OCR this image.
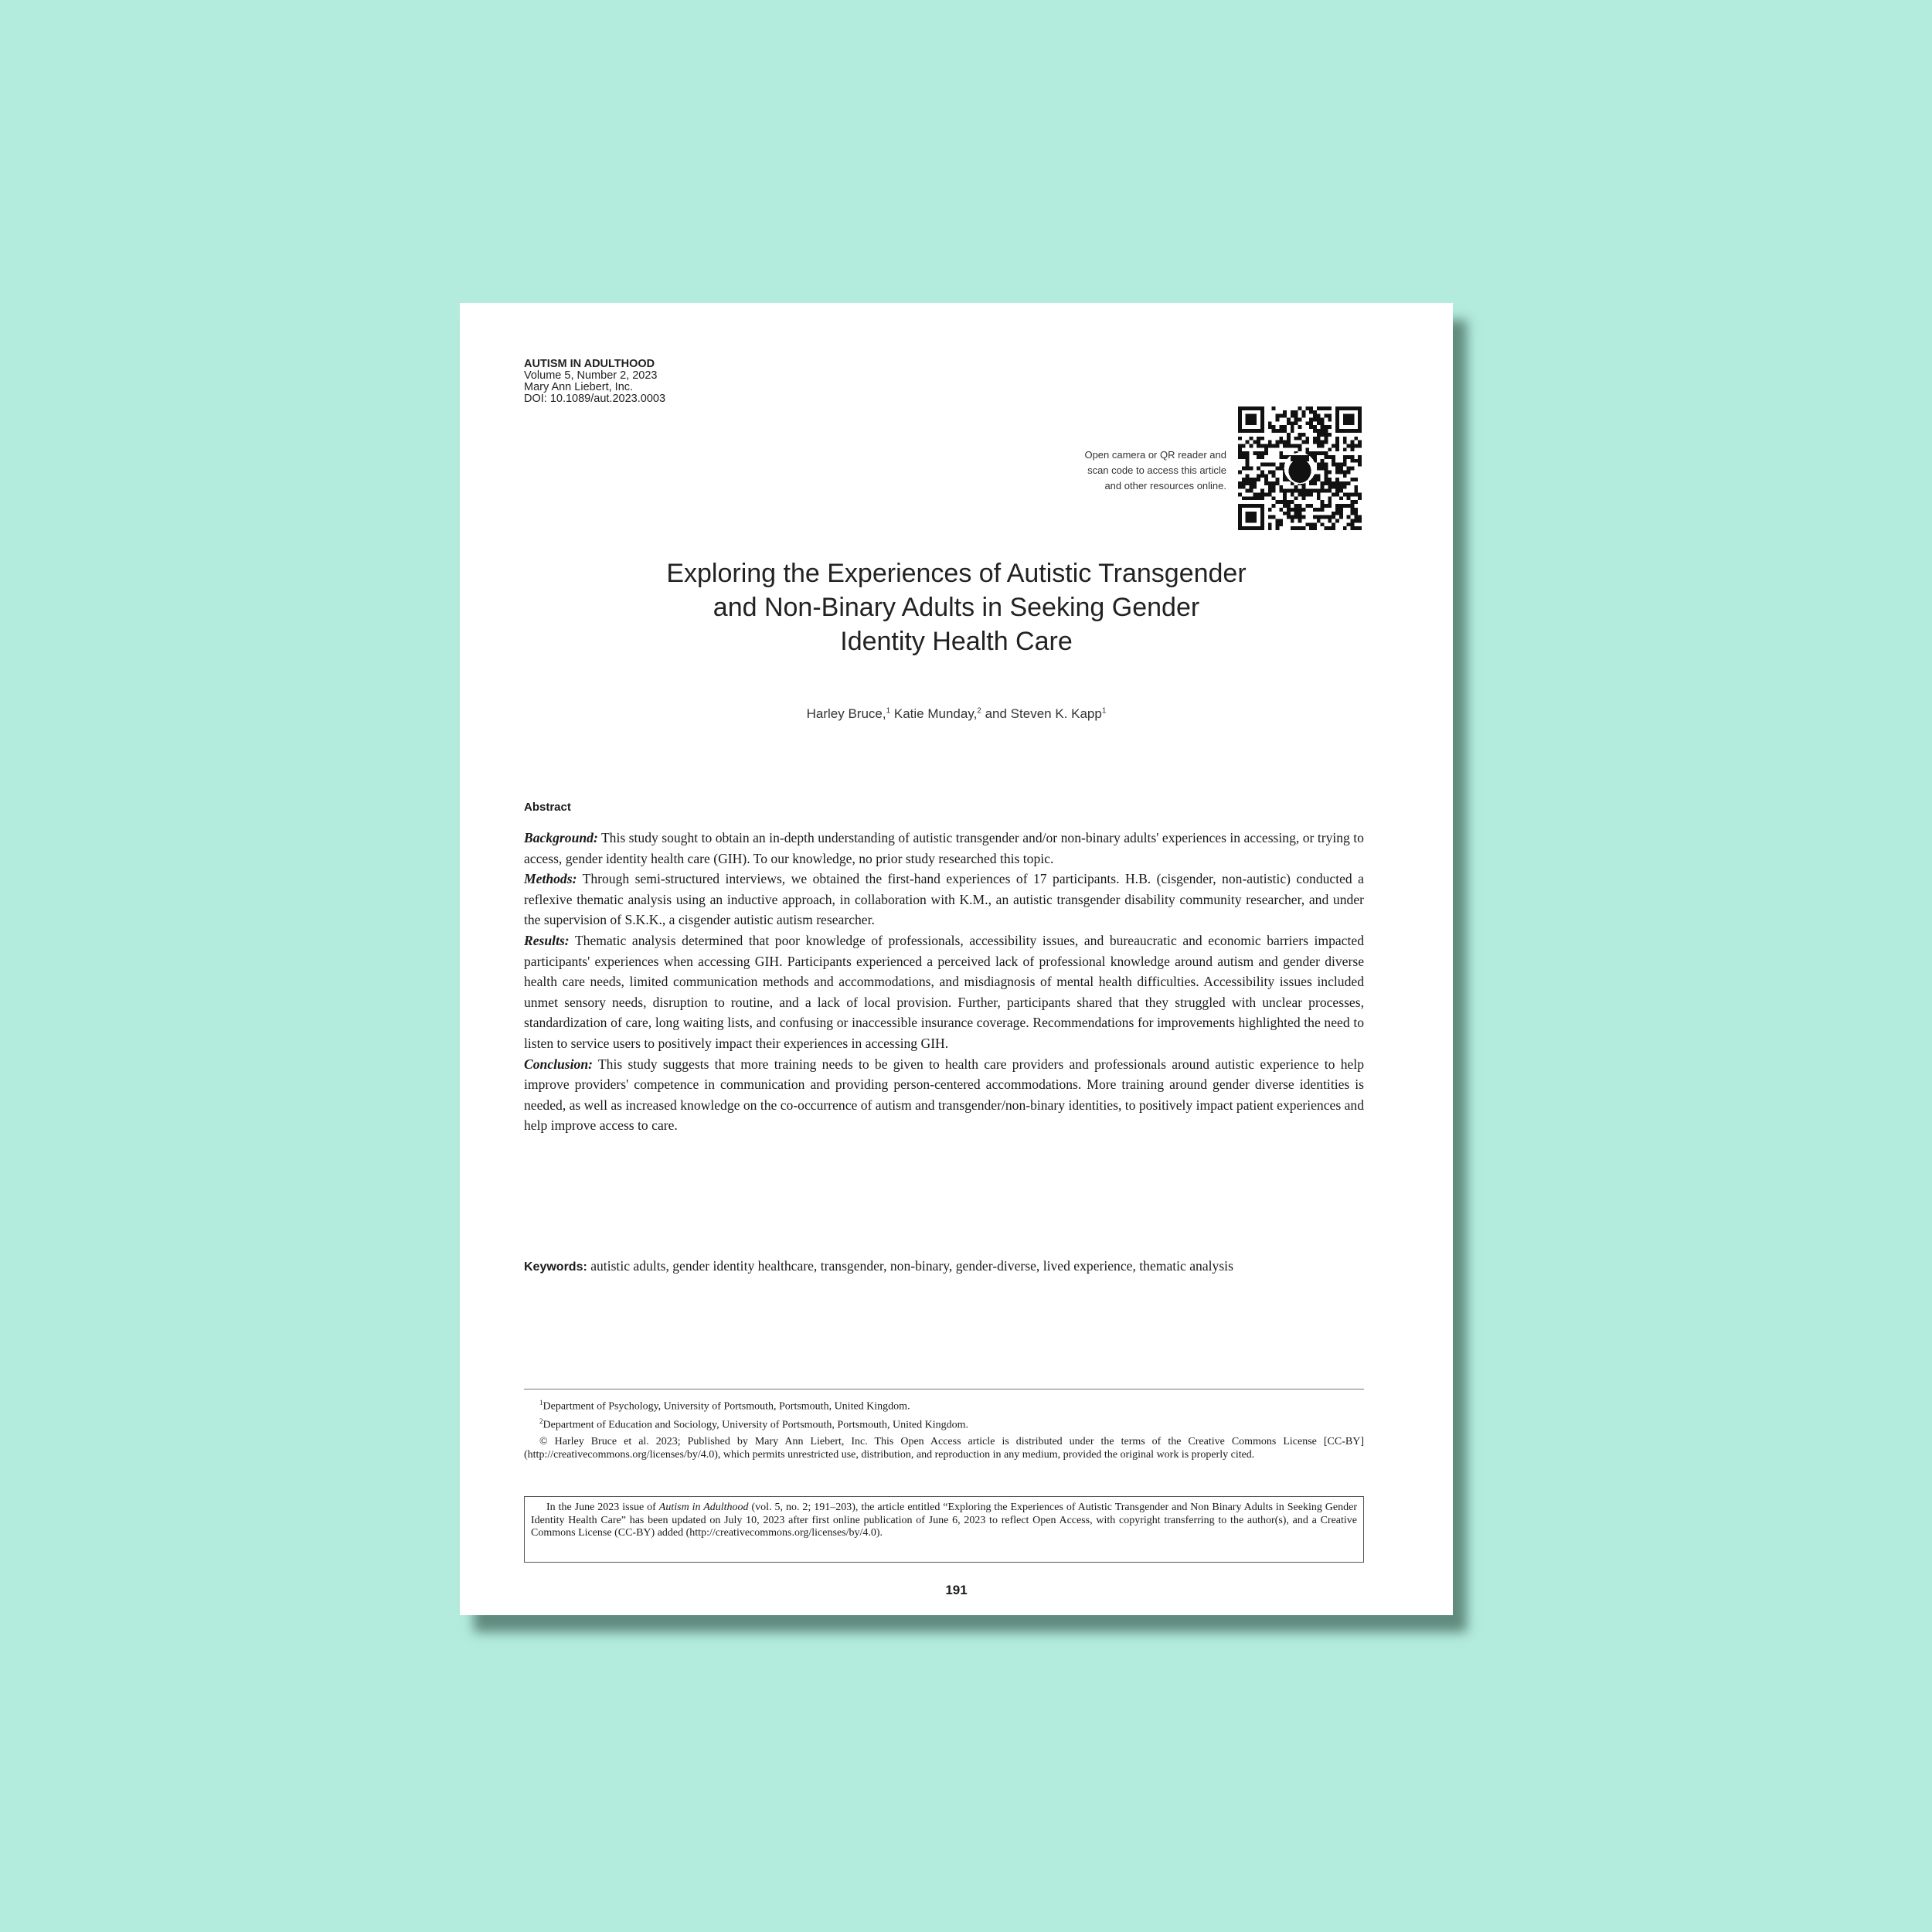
AUTISM IN ADULTHOOD
Volume 5, Number 2, 2023
Mary Ann Liebert, Inc.
DOI: 10.1089/aut.2023.0003
Open camera or QR reader and
scan code to access this article
and other resources online.
Exploring the Experiences of Autistic Transgender
and Non-Binary Adults in Seeking Gender
Identity Health Care
Harley Bruce,$^1$ Katie Munday,$^2$ and Steven K. Kapp$^1$
Abstract

Background: This study sought to obtain an in-depth understanding of autistic transgender and/or non-binary adults' experiences in accessing, or trying to access, gender identity health care (GIH). To our knowledge, no prior study researched this topic.

Methods: Through semi-structured interviews, we obtained the first-hand experiences of 17 participants. H.B. (cisgender, non-autistic) conducted a reflexive thematic analysis using an inductive approach, in collaboration with K.M., an autistic transgender disability community researcher, and under the supervision of S.K.K., a cisgender autistic autism researcher.

Results: Thematic analysis determined that poor knowledge of professionals, accessibility issues, and bureaucratic and economic barriers impacted participants' experiences when accessing GIH. Participants experienced a perceived lack of professional knowledge around autism and gender diverse health care needs, limited communication methods and accommodations, and misdiagnosis of mental health difficulties. Accessibility issues included unmet sensory needs, disruption to routine, and a lack of local provision. Further, participants shared that they struggled with unclear processes, standardization of care, long waiting lists, and confusing or inaccessible insurance coverage. Recommendations for improvements highlighted the need to listen to service users to positively impact their experiences in accessing GIH.

Conclusion: This study suggests that more training needs to be given to health care providers and professionals around autistic experience to help improve providers' competence in communication and providing person-centered accommodations. More training around gender diverse identities is needed, as well as increased knowledge on the co-occurrence of autism and transgender/non-binary identities, to positively impact patient experiences and help improve access to care.

Keywords: autistic adults, gender identity healthcare, transgender, non-binary, gender-diverse, lived experience, thematic analysis
$^1$Department of Psychology, University of Portsmouth, Portsmouth, United Kingdom.
$^2$Department of Education and Sociology, University of Portsmouth, Portsmouth, United Kingdom.
© Harley Bruce et al. 2023; Published by Mary Ann Liebert, Inc. This Open Access article is distributed under the terms of the Creative Commons License [CC-BY] (http://creativecommons.org/licenses/by/4.0), which permits unrestricted use, distribution, and reproduction in any medium, provided the original work is properly cited.

In the June 2023 issue of Autism in Adulthood (vol. 5, no. 2; 191–203), the article entitled “Exploring the Experiences of Autistic Transgender and Non Binary Adults in Seeking Gender Identity Health Care” has been updated on July 10, 2023 after first online publication of June 6, 2023 to reflect Open Access, with copyright transferring to the author(s), and a Creative Commons License (CC-BY) added (http://creativecommons.org/licenses/by/4.0).

191
